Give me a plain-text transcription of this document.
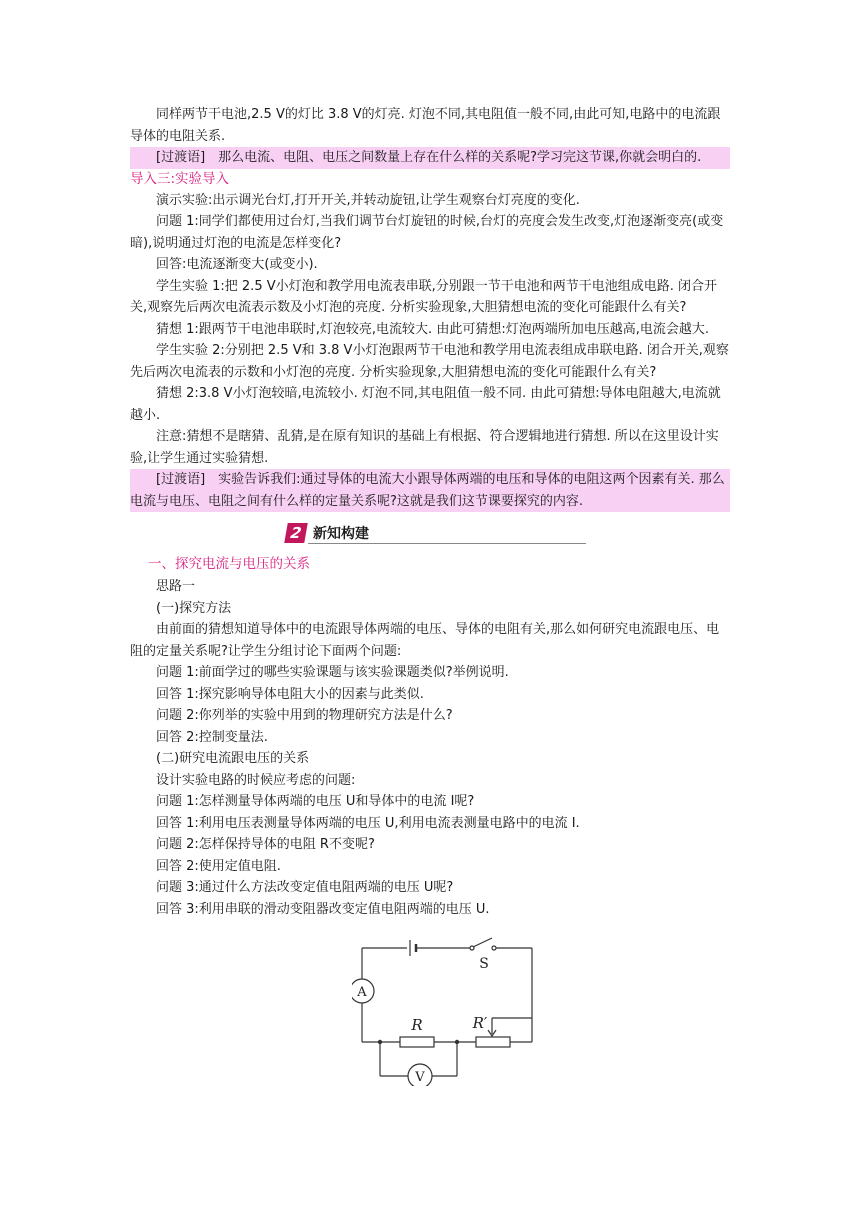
同样两节干电池,2.5 V的灯比 3.8 V的灯亮. 灯泡不同,其电阻值一般不同,由此可知,电路中的电流跟导体的电阻关系.

[过渡语]　那么电流、电阻、电压之间数量上存在什么样的关系呢?学习完这节课,你就会明白的.

导入三:实验导入

演示实验:出示调光台灯,打开开关,并转动旋钮,让学生观察台灯亮度的变化.

问题 1:同学们都使用过台灯,当我们调节台灯旋钮的时候,台灯的亮度会发生改变,灯泡逐渐变亮(或变暗),说明通过灯泡的电流是怎样变化?

回答:电流逐渐变大(或变小).

学生实验 1:把 2.5 V小灯泡和教学用电流表串联,分别跟一节干电池和两节干电池组成电路. 闭合开关,观察先后两次电流表示数及小灯泡的亮度. 分析实验现象,大胆猜想电流的变化可能跟什么有关?

猜想 1:跟两节干电池串联时,灯泡较亮,电流较大. 由此可猜想:灯泡两端所加电压越高,电流会越大.

学生实验 2:分别把 2.5 V和 3.8 V小灯泡跟两节干电池和教学用电流表组成串联电路. 闭合开关,观察先后两次电流表的示数和小灯泡的亮度. 分析实验现象,大胆猜想电流的变化可能跟什么有关?

猜想 2:3.8 V小灯泡较暗,电流较小. 灯泡不同,其电阻值一般不同. 由此可猜想:导体电阻越大,电流就越小.

注意:猜想不是瞎猜、乱猜,是在原有知识的基础上有根据、符合逻辑地进行猜想. 所以在这里设计实验,让学生通过实验猜想.

[过渡语]　实验告诉我们:通过导体的电流大小跟导体两端的电压和导体的电阻这两个因素有关. 那么电流与电压、电阻之间有什么样的定量关系呢?这就是我们这节课要探究的内容.

2 新知构建

一、探究电流与电压的关系

思路一

(一)探究方法

由前面的猜想知道导体中的电流跟导体两端的电压、导体的电阻有关,那么如何研究电流跟电压、电阻的定量关系呢?让学生分组讨论下面两个问题:

问题 1:前面学过的哪些实验课题与该实验课题类似?举例说明.

回答 1:探究影响导体电阻大小的因素与此类似.

问题 2:你列举的实验中用到的物理研究方法是什么?

回答 2:控制变量法.

(二)研究电流跟电压的关系

设计实验电路的时候应考虑的问题:

问题 1:怎样测量导体两端的电压 U和导体中的电流 I呢?

回答 1:利用电压表测量导体两端的电压 U,利用电流表测量电路中的电流 I.

问题 2:怎样保持导体的电阻 R不变呢?

回答 2:使用定值电阻.

问题 3:通过什么方法改变定值电阻两端的电压 U呢?

回答 3:利用串联的滑动变阻器改变定值电阻两端的电压 U.

A
V
S
R	R′
